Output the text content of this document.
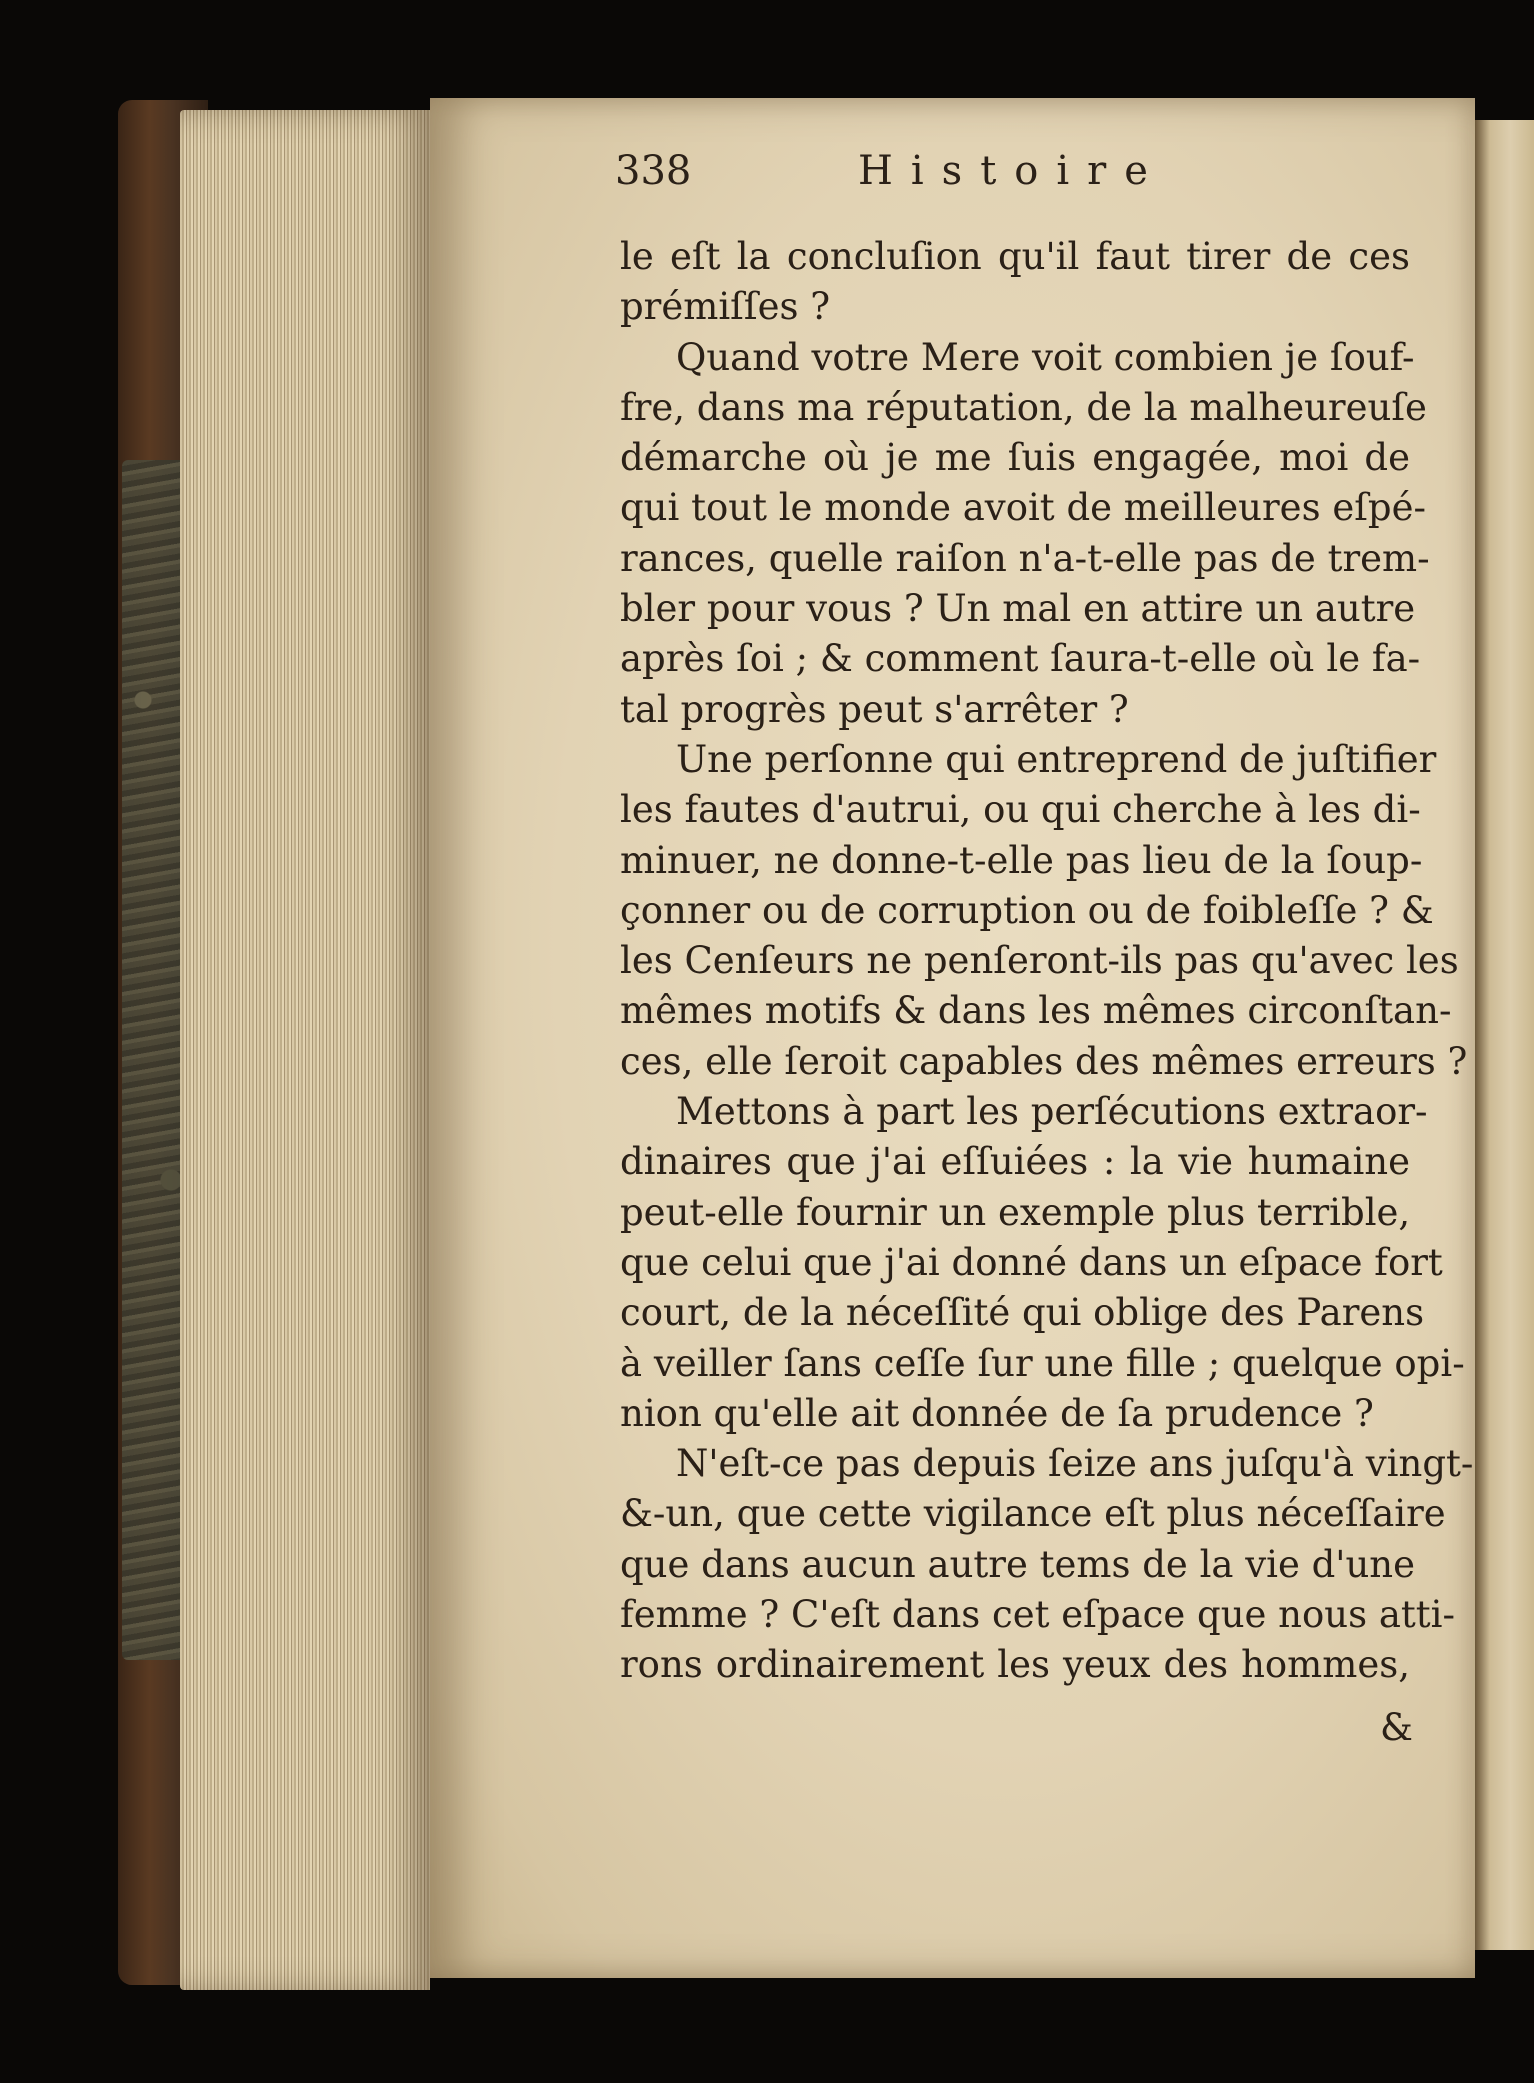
338	Histoire
le eſt la concluſion qu'il faut tirer de ces
prémiſſes ?
Quand votre Mere voit combien je ſouf-
fre, dans ma réputation, de la malheureuſe
démarche où je me ſuis engagée, moi de
qui tout le monde avoit de meilleures eſpé-
rances, quelle raiſon n'a-t-elle pas de trem-
bler pour vous ? Un mal en attire un autre
après ſoi ; & comment ſaura-t-elle où le fa-
tal progrès peut s'arrêter ?
Une perſonne qui entreprend de juſtifier
les fautes d'autrui, ou qui cherche à les di-
minuer, ne donne-t-elle pas lieu de la ſoup-
çonner ou de corruption ou de foibleſſe ? &
les Cenſeurs ne penſeront-ils pas qu'avec les
mêmes motifs & dans les mêmes circonſtan-
ces, elle ſeroit capables des mêmes erreurs ?
Mettons à part les perſécutions extraor-
dinaires que j'ai eſſuiées : la vie humaine
peut-elle fournir un exemple plus terrible,
que celui que j'ai donné dans un eſpace fort
court, de la néceſſité qui oblige des Parens
à veiller ſans ceſſe ſur une fille ; quelque opi-
nion qu'elle ait donnée de ſa prudence ?
N'eſt-ce pas depuis ſeize ans juſqu'à vingt-
&-un, que cette vigilance eſt plus néceſſaire
que dans aucun autre tems de la vie d'une
femme ? C'eſt dans cet eſpace que nous atti-
rons ordinairement les yeux des hommes,
&
